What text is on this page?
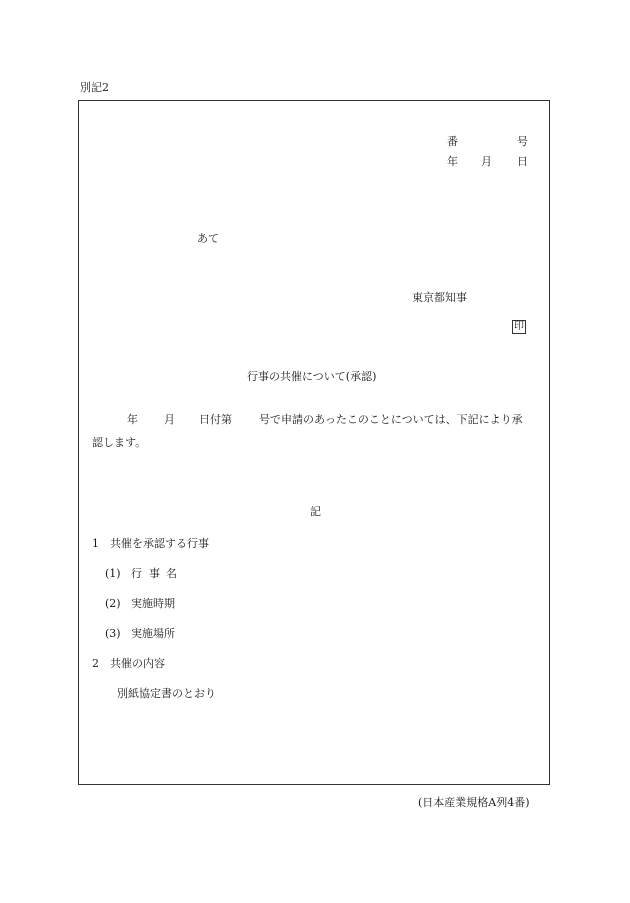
別記2
番	号
年 月 日
あて
東京都知事
印
行事の共催について(承認)
年 月 日付第 号で申請のあったこのことについては、下記により承
認します。
記
1　共催を承認する行事
(1) 行 事 名
(2) 実施時期
(3) 実施場所
2　共催の内容
別紙協定書のとおり
(日本産業規格A列4番)
